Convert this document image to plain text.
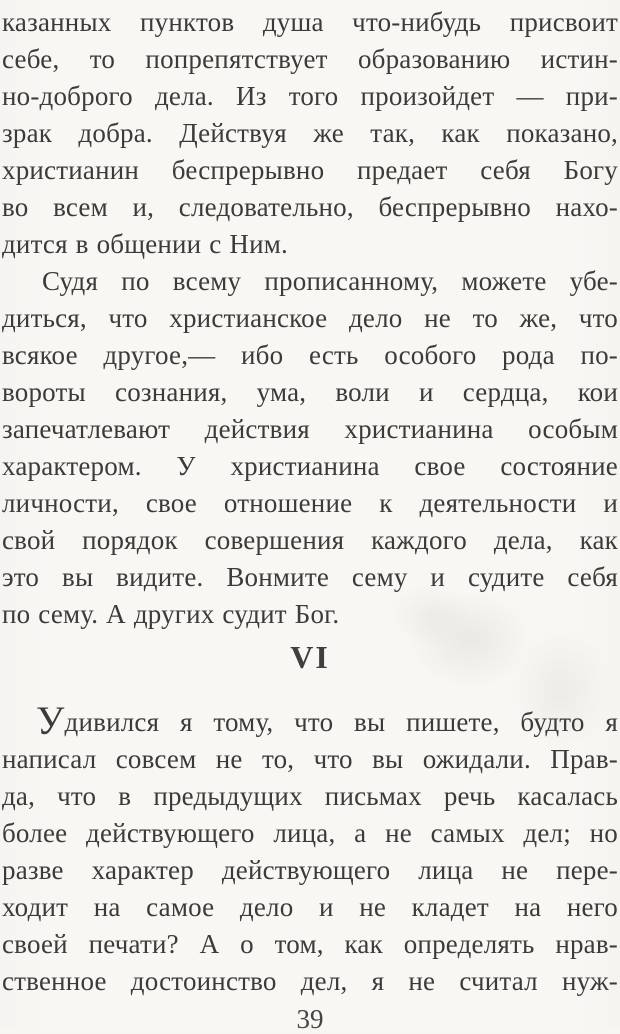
казанных пунктов душа что-нибудь присвоит
себе, то попрепятствует образованию истин-
но-доброго дела. Из того произойдет — при-
зрак добра. Действуя же так, как показано,
христианин беспрерывно предает себя Богу
во всем и, следовательно, беспрерывно нахо-
дится в общении с Ним.
Судя по всему прописанному, можете убе-
диться, что христианское дело не то же, что
всякое другое,— ибо есть особого рода по-
вороты сознания, ума, воли и сердца, кои
запечатлевают действия христианина особым
характером. У христианина свое состояние
личности, свое отношение к деятельности и
свой порядок совершения каждого дела, как
это вы видите. Вонмите сему и судите себя
по сему. А других судит Бог.
VI
Удивился я тому, что вы пишете, будто я
написал совсем не то, что вы ожидали. Прав-
да, что в предыдущих письмах речь касалась
более действующего лица, а не самых дел; но
разве характер действующего лица не пере-
ходит на самое дело и не кладет на него
своей печати? А о том, как определять нрав-
ственное достоинство дел, я не считал нуж-
39
